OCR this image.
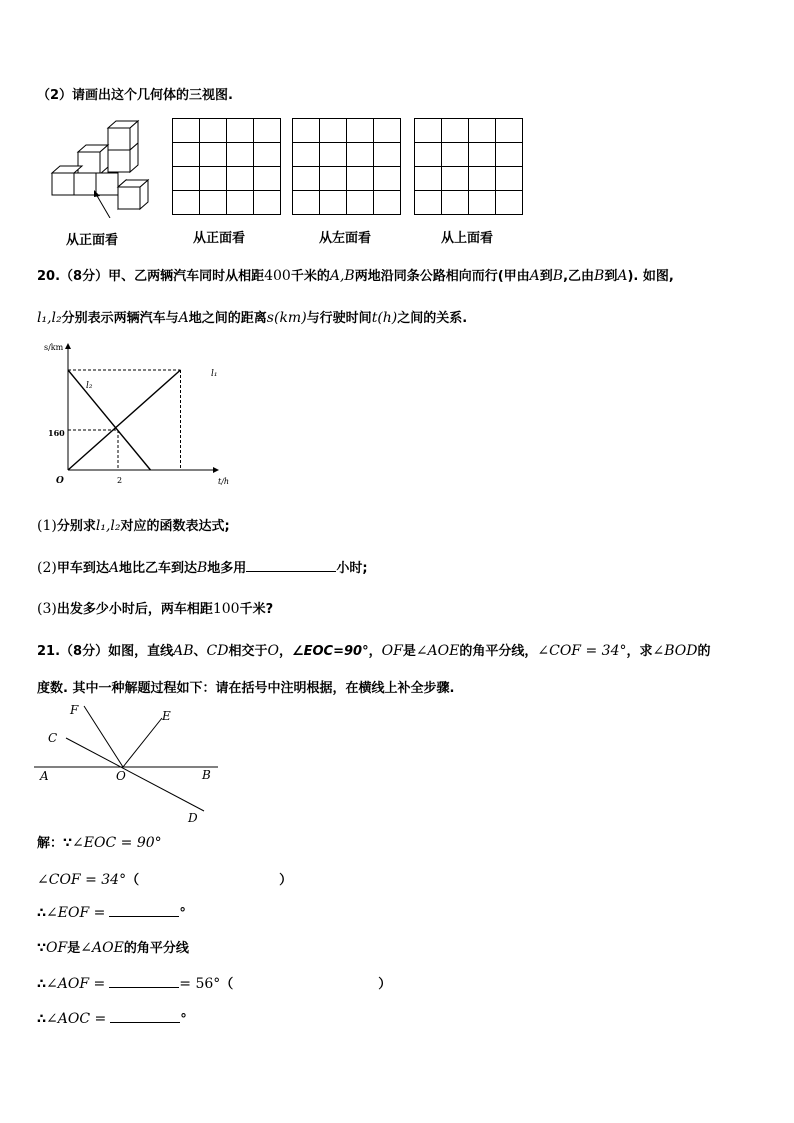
（2）请画出这个几何体的三视图.
从正面看	从正面看	从左面看	从上面看
20.（8分）甲、乙两辆汽车同时从相距400千米的A,B两地沿同条公路相向而行(甲由A到B,乙由B到A). 如图,
l₁,l₂分别表示两辆汽车与A地之间的距离s(km)与行驶时间t(h)之间的关系.
s/km
t/h
O	2
160
l₂
l₁
(1)分别求l₁,l₂对应的函数表达式;
(2)甲车到达A地比乙车到达B地多用	小时;
(3)出发多少小时后，两车相距100千米?
21.（8分）如图，直线AB、CD相交于O，∠EOC=90°，OF是∠AOE的角平分线，∠COF = 34°，求∠BOD的
度数. 其中一种解题过程如下：请在括号中注明根据，在横线上补全步骤.
F	E
C
A	O	B
D
解：∵∠EOC = 90°
∠COF = 34°（	）
∴∠EOF =	°
∵OF是∠AOE的角平分线
∴∠AOF =	= 56°（	）
∴∠AOC =	°
